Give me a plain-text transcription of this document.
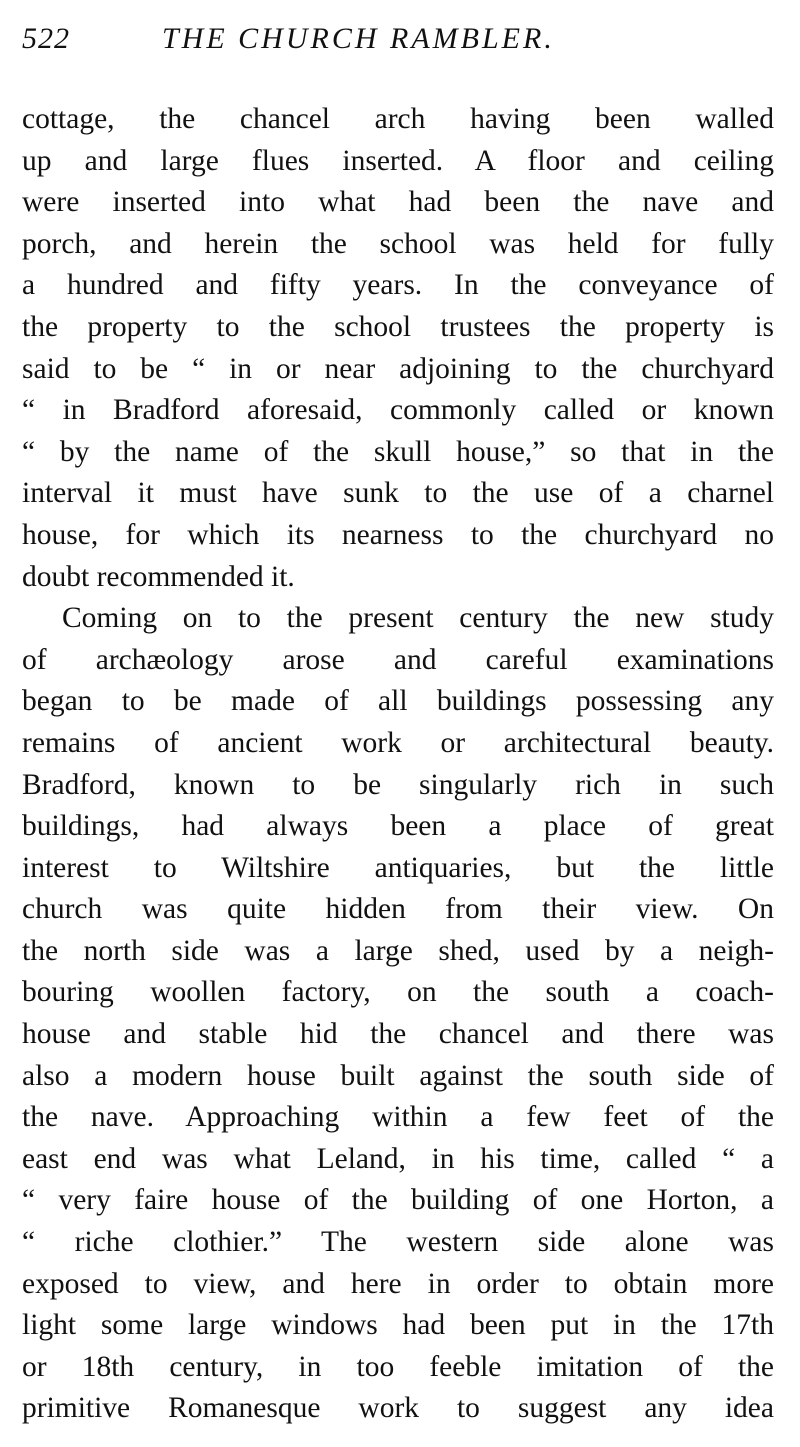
522	THE CHURCH RAMBLER.
cottage, the chancel arch having been walled
up and large flues inserted. A floor and ceiling
were inserted into what had been the nave and
porch, and herein the school was held for fully
a hundred and fifty years. In the conveyance of
the property to the school trustees the property is
said to be “ in or near adjoining to the churchyard
“ in Bradford aforesaid, commonly called or known
“ by the name of the skull house,” so that in the
interval it must have sunk to the use of a charnel
house, for which its nearness to the churchyard no
doubt recommended it.
Coming on to the present century the new study
of archæology arose and careful examinations
began to be made of all buildings possessing any
remains of ancient work or architectural beauty.
Bradford, known to be singularly rich in such
buildings, had always been a place of great
interest to Wiltshire antiquaries, but the little
church was quite hidden from their view. On
the north side was a large shed, used by a neigh-
bouring woollen factory, on the south a coach-
house and stable hid the chancel and there was
also a modern house built against the south side of
the nave. Approaching within a few feet of the
east end was what Leland, in his time, called “ a
“ very faire house of the building of one Horton, a
“ riche clothier.” The western side alone was
exposed to view, and here in order to obtain more
light some large windows had been put in the 17th
or 18th century, in too feeble imitation of the
primitive Romanesque work to suggest any idea
